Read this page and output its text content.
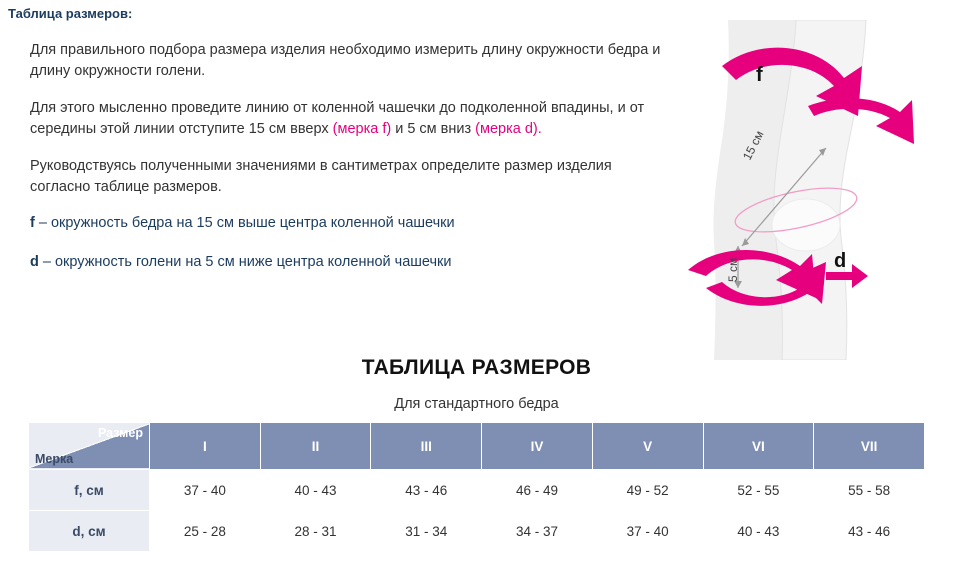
Таблица размеров:
Для правильного подбора размера изделия необходимо измерить длину окружности бедра и длину окружности голени.
Для этого мысленно проведите линию от коленной чашечки до подколенной впадины, и от середины этой линии отступите 15 см вверх (мерка f) и 5 см вниз (мерка d).
Руководствуясь полученными значениями в сантиметрах определите размер изделия согласно таблице размеров.
f – окружность бедра на 15 см выше центра коленной чашечки
d – окружность голени на 5 см ниже центра коленной чашечки
f
d
15 см
5 см
ТАБЛИЦА РАЗМЕРОВ
Для стандартного бедра
Размер
Мерка	I	II	III	IV	V	VI	VII
f, см	37 - 40	40 - 43	43 - 46	46 - 49	49 - 52	52 - 55	55 - 58
d, см	25 - 28	28 - 31	31 - 34	34 - 37	37 - 40	40 - 43	43 - 46
